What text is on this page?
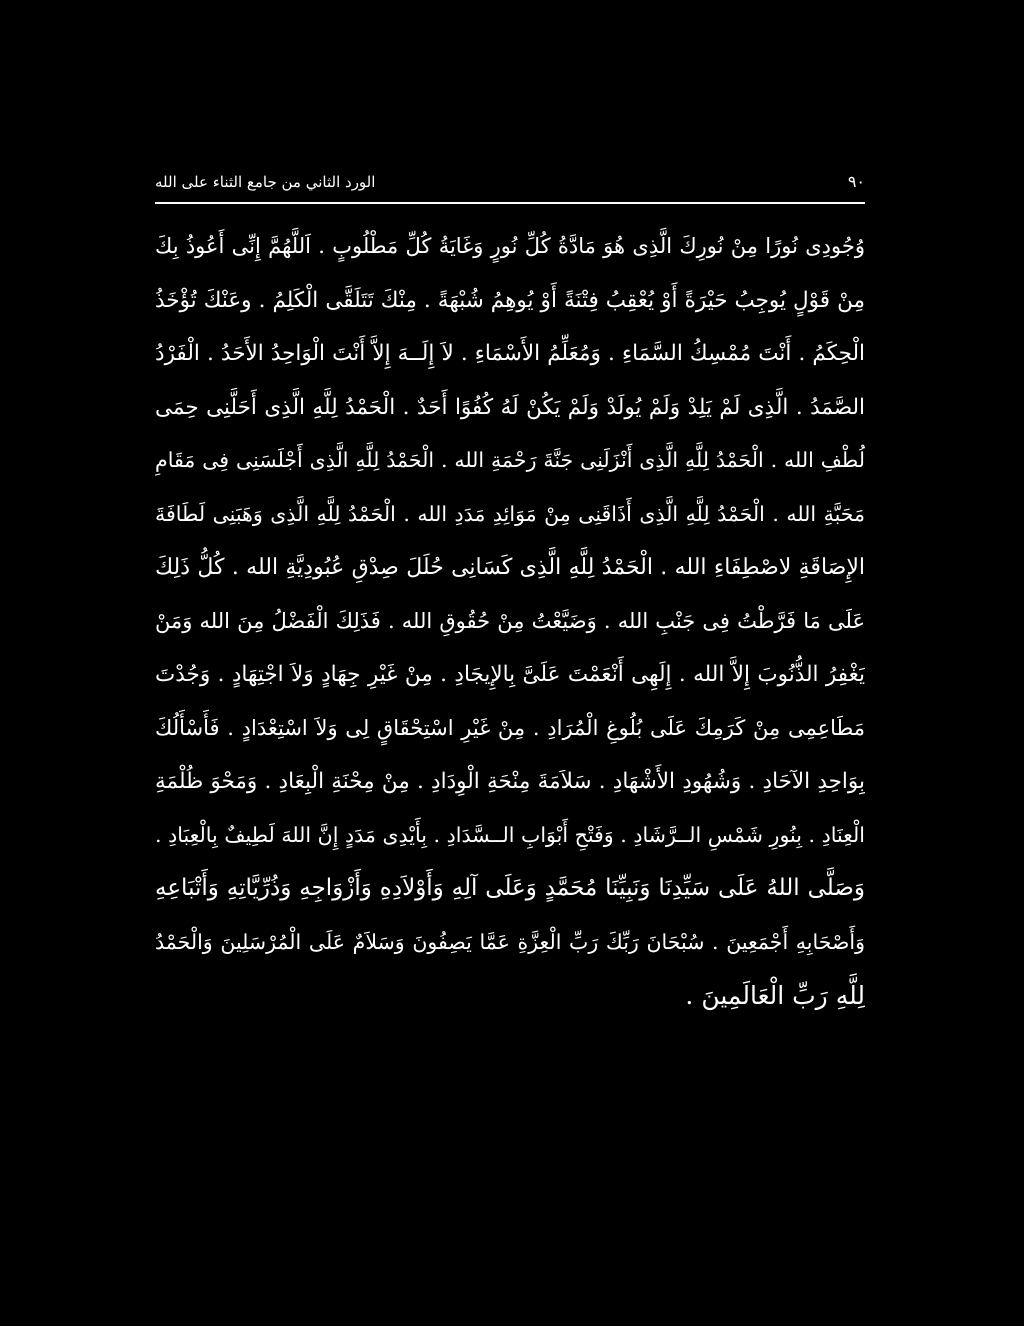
٩٠
الورد الثاني من جامع الثناء على الله
وُجُودِى نُورًا مِنْ نُورِكَ الَّذِى هُوَ مَادَّةُ كُلِّ نُورٍ وَغَايَةُ كُلِّ مَطْلُوبٍ . اَللَّهُمَّ إِنِّى أَعُوذُ بِكَ
مِنْ قَوْلٍ يُوجِبُ حَيْرَةً أَوْ يُعْقِبُ فِتْنَةً أَوْ يُوهِمُ شُبْهَةً . مِنْكَ تَتَلَقَّى الْكَلِمُ . وعَنْكَ تُؤْخَذُ
الْحِكَمُ . أَنْتَ مُمْسِكُ السَّمَاءِ . وَمُعَلِّمُ الأَسْمَاءِ . لاَ إِلَــهَ إِلاَّ أَنْتَ الْوَاحِدُ الأَحَدُ . الْفَرْدُ
الصَّمَدُ . الَّذِى لَمْ يَلِدْ وَلَمْ يُولَدْ وَلَمْ يَكُنْ لَهُ كُفُوًا أَحَدٌ . الْحَمْدُ لِلَّهِ الَّذِى أَحَلَّنِى حِمَى
لُطْفِ الله . الْحَمْدُ لِلَّهِ الَّذِى أَنْزَلَنِى جَنَّةَ رَحْمَةِ الله . الْحَمْدُ لِلَّهِ الَّذِى أَجْلَسَنِى فِى مَقَامِ
مَحَبَّةِ الله . الْحَمْدُ لِلَّهِ الَّذِى أَذَاقَنِى مِنْ مَوَائِدِ مَدَدِ الله . الْحَمْدُ لِلَّهِ الَّذِى وَهَبَنِى لَطَافَةَ
الإِصَاقَةِ لاصْطِفَاءِ الله . الْحَمْدُ لِلَّهِ الَّذِى كَسَانِى حُلَلَ صِدْقِ عُبُودِيَّةِ الله . كُلُّ ذَلِكَ
عَلَى مَا فَرَّطْتُ فِى جَنْبِ الله . وَضَيَّعْتُ مِنْ حُقُوقِ الله . فَذَلِكَ الْفَضْلُ مِنَ الله وَمَنْ
يَغْفِرُ الذُّنُوبَ إِلاَّ الله . إِلَهِى أَنْعَمْتَ عَلَىَّ بِالإِيجَادِ . مِنْ غَيْرِ جِهَادٍ وَلاَ اجْتِهَادٍ . وَجُدْتَ
مَطَاعِمِى مِنْ كَرَمِكَ عَلَى بُلُوغِ الْمُرَادِ . مِنْ غَيْرِ اسْتِحْقَاقٍ لِى وَلاَ اسْتِعْدَادٍ . فَأَسْأَلُكَ
بِوَاحِدِ الآحَادِ . وَشُهُودِ الأَشْهَادِ . سَلاَمَةَ مِنْحَةِ الْوِدَادِ . مِنْ مِحْنَةِ الْبِعَادِ . وَمَحْوَ ظُلْمَةِ
الْعِنَادِ . بِنُورِ شَمْسِ الــرَّشَادِ . وَفَتْحِ أَبْوَابِ الــسَّدَادِ . بِأَيْدِى مَدَدٍ إِنَّ اللهَ لَطِيفٌ بِالْعِبَادِ .
وَصَلَّى اللهُ عَلَى سَيِّدِنَا وَنَبِيِّنَا مُحَمَّدٍ وَعَلَى آلِهِ وَأَوْلاَدِهِ وَأَزْوَاجِهِ وَذُرِّيَّاتِهِ وَأَتْبَاعِهِ
وَأَصْحَابِهِ أَجْمَعِينَ . سُبْحَانَ رَبِّكَ رَبِّ الْعِزَّةِ عَمَّا يَصِفُونَ وَسَلاَمٌ عَلَى الْمُرْسَلِينَ وَالْحَمْدُ
لِلَّهِ رَبِّ الْعَالَمِينَ .
